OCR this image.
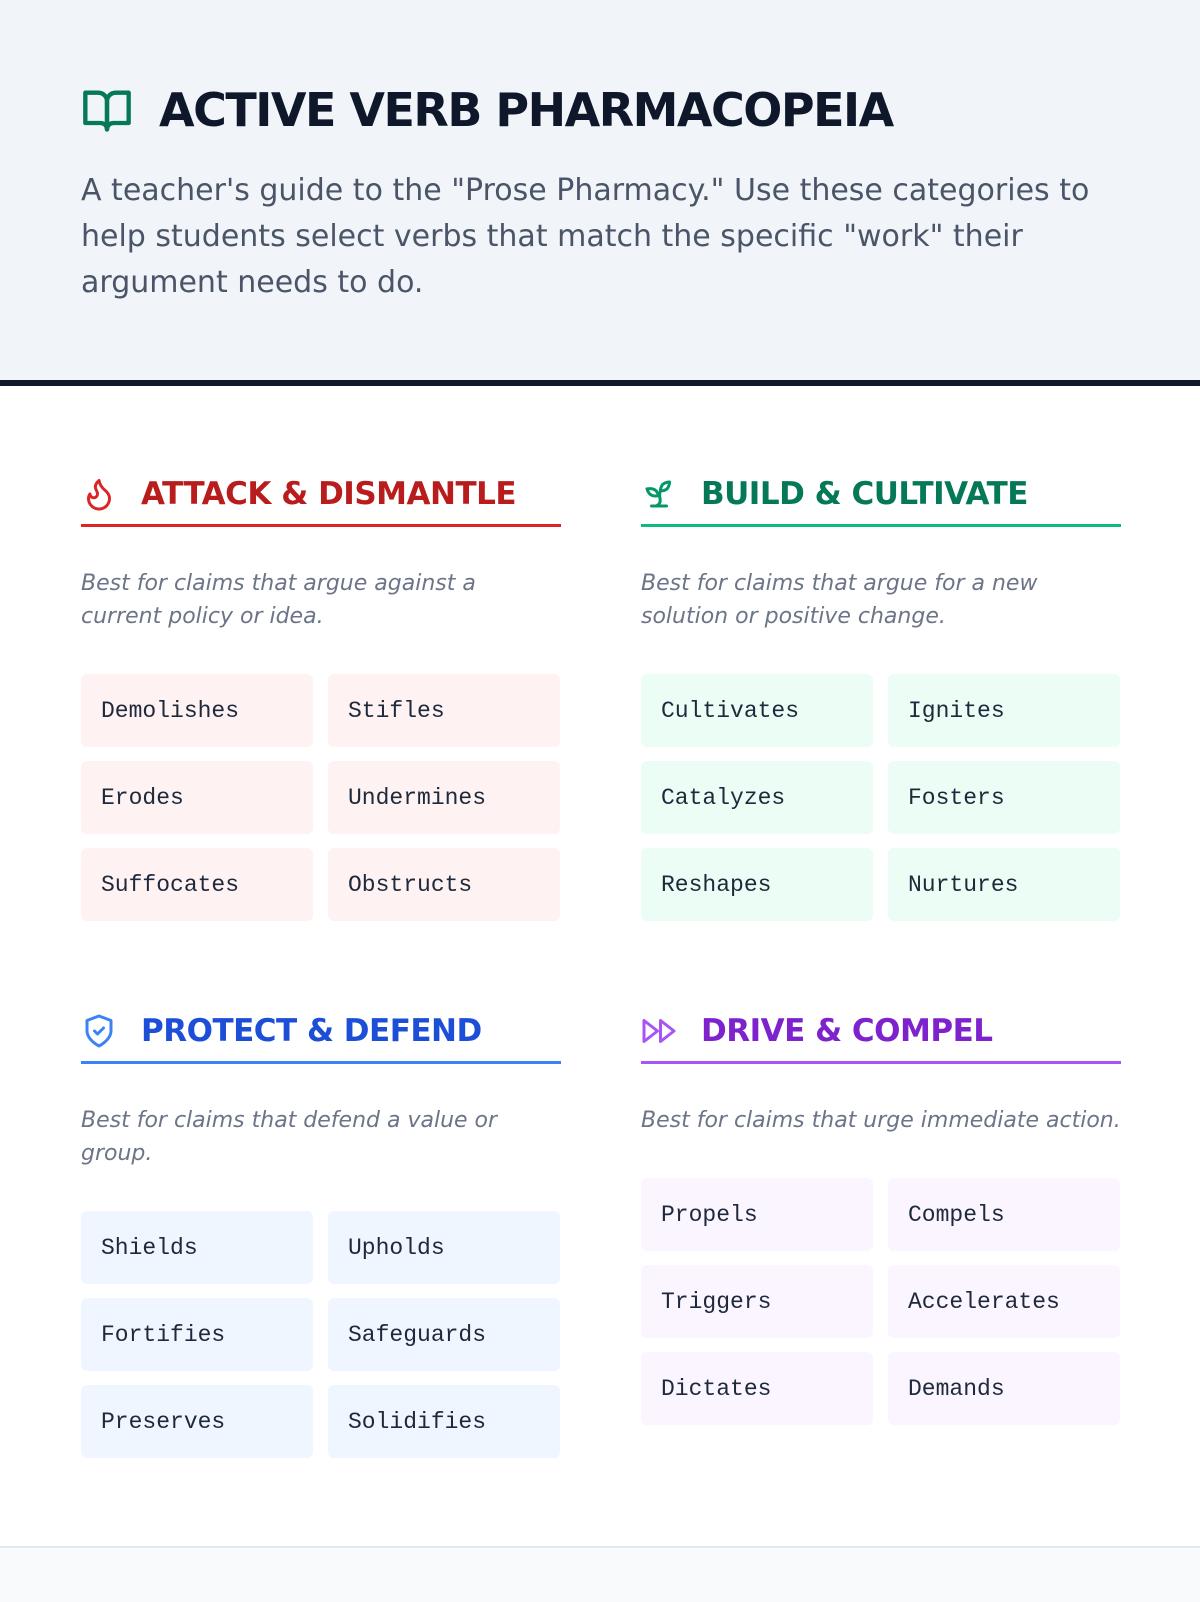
ACTIVE VERB PHARMACOPEIA

A teacher's guide to the "Prose Pharmacy." Use these categories to help students select verbs that match the specific "work" their argument needs to do.

ATTACK & DISMANTLE

Best for claims that argue against a current policy or idea.

Demolishes	Stifles
Erodes	Undermines
Suffocates	Obstructs
BUILD & CULTIVATE

Best for claims that argue for a new solution or positive change.

Cultivates	Ignites
Catalyzes	Fosters
Reshapes	Nurtures
PROTECT & DEFEND

Best for claims that defend a value or group.

Shields	Upholds
Fortifies	Safeguards
Preserves	Solidifies
DRIVE & COMPEL

Best for claims that urge immediate action.

Propels	Compels
Triggers	Accelerates
Dictates	Demands
